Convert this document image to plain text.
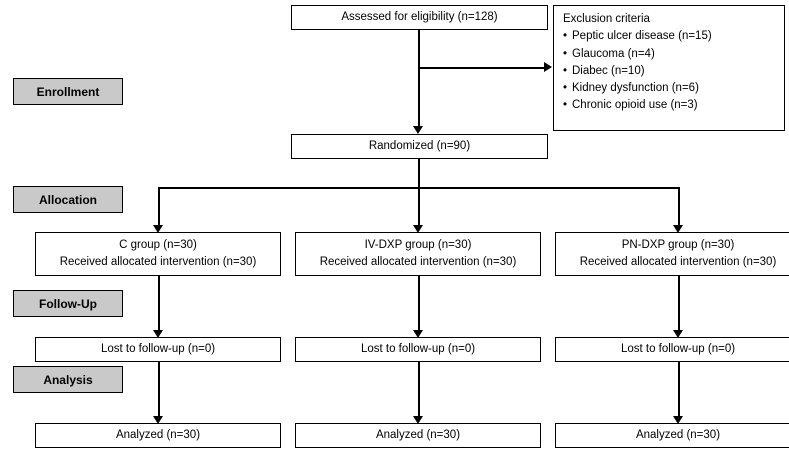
Assessed for eligibility (n=128)	Exclusion criteria
• Peptic ulcer disease (n=15)
• Glaucoma (n=4)
• Diabec (n=10)
• Kidney dysfunction (n=6)
• Chronic opioid use (n=3)
Randomized (n=90)
Enrollment
Allocation
Follow-Up
Analysis
C group (n=30)
Received allocated intervention (n=30)
IV-DXP group (n=30)
Received allocated intervention (n=30)
PN-DXP group (n=30)
Received allocated intervention (n=30)
Lost to follow-up (n=0)	Lost to follow-up (n=0)	Lost to follow-up (n=0)
Analyzed (n=30)	Analyzed (n=30)	Analyzed (n=30)
